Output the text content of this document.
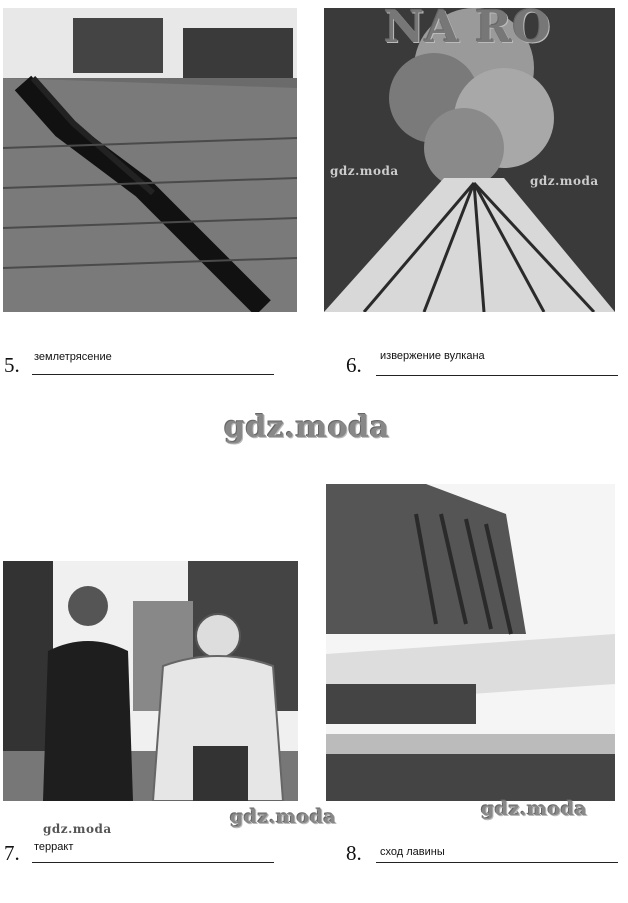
NA RO
gdz.moda
gdz.moda
5. землетрясение	6. извержение вулкана
gdz.moda
gdz.moda	gdz.moda
gdz.moda
7. терракт	8. сход лавины
